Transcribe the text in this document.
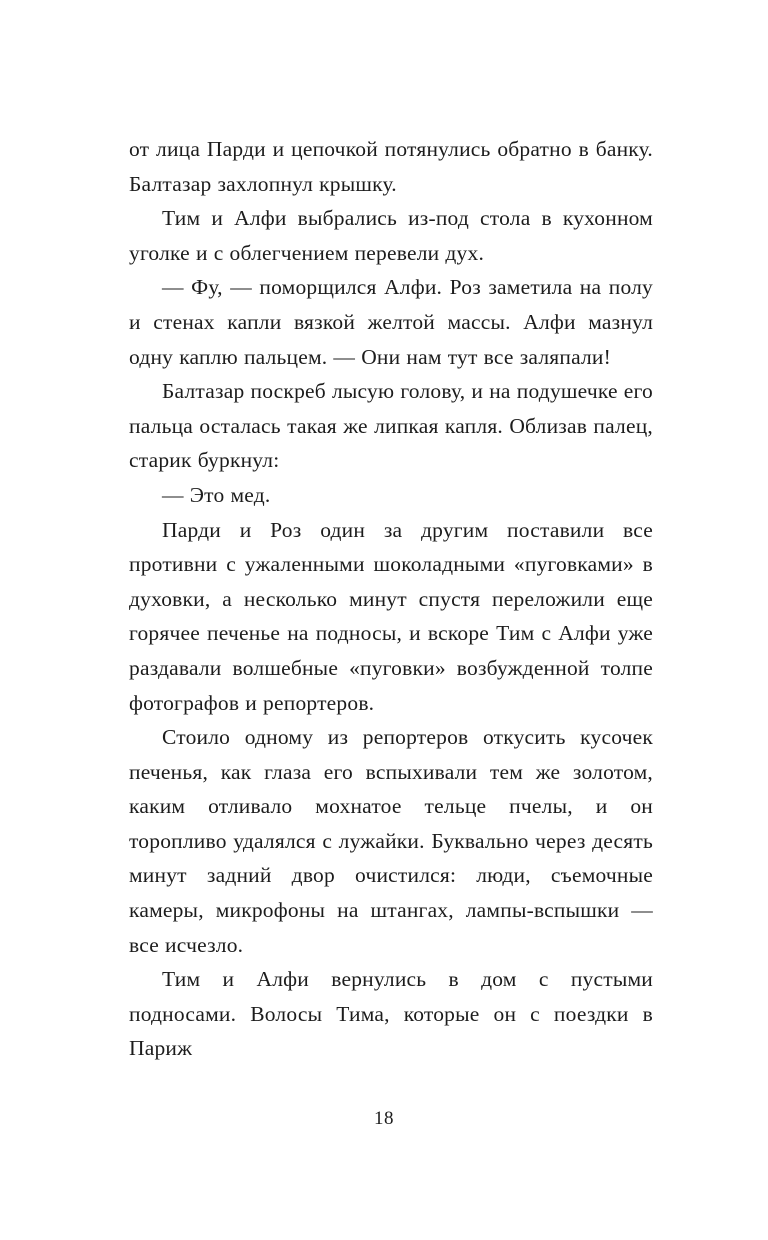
от лица Парди и цепочкой потянулись обратно в банку. Балтазар захлопнул крышку.

Тим и Алфи выбрались из-под стола в кухонном уголке и с облегчением перевели дух.

— Фу, — поморщился Алфи. Роз заметила на полу и стенах капли вязкой желтой массы. Алфи мазнул одну каплю пальцем. — Они нам тут все заляпали!

Балтазар поскреб лысую голову, и на подушечке его пальца осталась такая же липкая капля. Облизав палец, старик буркнул:

— Это мед.

Парди и Роз один за другим поставили все противни с ужаленными шоколадными «пуговками» в духовки, а несколько минут спустя переложили еще горячее печенье на подносы, и вскоре Тим с Алфи уже раздавали волшебные «пуговки» возбужденной толпе фотографов и репортеров.

Стоило одному из репортеров откусить кусочек печенья, как глаза его вспыхивали тем же золотом, каким отливало мохнатое тельце пчелы, и он торопливо удалялся с лужайки. Буквально через десять минут задний двор очистился: люди, съемочные камеры, микрофоны на штангах, лампы-вспышки — все исчезло.

Тим и Алфи вернулись в дом с пустыми подносами. Волосы Тима, которые он с поездки в Париж

18
